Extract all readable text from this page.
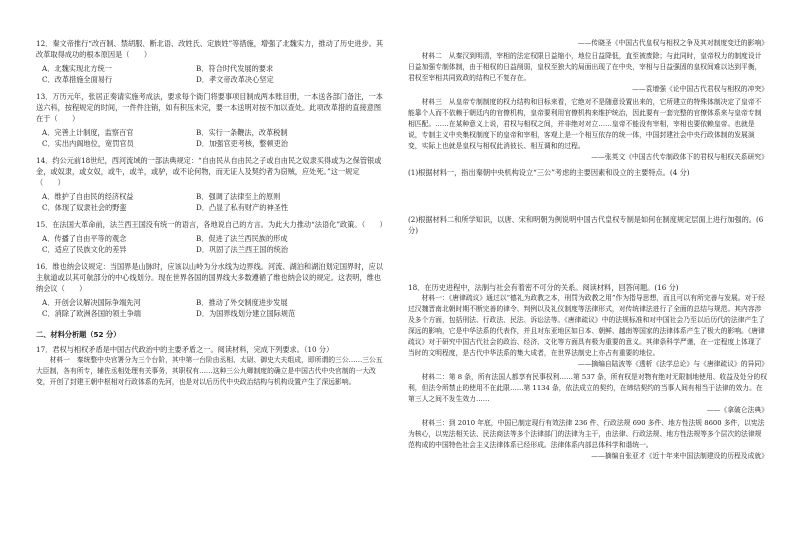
12．秦文帝推行“改百制、禁胡服、断北语、改姓氏、定族姓”等措施，增强了北魏实力，推动了历史进步。其改革取得成功的根本原因是（　　）

A．北魏实现北方统一	B．符合时代发展的要求
C．改革措施全面易行	D．孝文帝改革决心坚定

13．万历元年，张居正奏请实施考成法，要求每个衙门将要事项目制成两本账目册，一本送各部门备注，一本送六科，按程规定的时间，一件件注销，如有积压未完，要一本送明对按不加以查处。此项改革措的直接意图在于（　　）

A．完善上计制度，监察百官	B．实行一条鞭法，改革税制
C．实出内阁地位，宽罚官员	D．加强官吏考核，整顿吏治

14．约公元前18世纪，西河流域的一部法典规定：“自由民从自由民之子或自由民之奴隶买得或为之保管银或金，或奴隶，或女奴，或牛，或羊，或驴，或不论何物，而无证人及契约者为窃贼，应处死。”这一规定（　　）

A．维护了自由民的经济权益	B．强调了法律至上的原则
C．体现了奴隶社会的野蛮	D．凸显了私有财产的神圣性

15．在法国大革命前，法兰西王国没有统一的语言，各地说自己的方言。为此大力推动“法语化”政策。（　　）

A．传播了自由平等的观念	B．促进了法兰西民族的形成
C．适应了民族文化的差异	D．巩固了法兰西王国的统治

16．维也纳会议规定：当国界是山脉时，应该以山岭为分水线为边界线。河流、湖泊和湖泊划定国界时，应以主航道或以其可航部分的中心线划分。现在世界各国的国界线大多数遵循了维也纳会议的规定。这表明，维也纳会议（　　）

A．开创会议解决国际争端先河	B．推动了外交制度进步发展
C．消除了欧洲各国的领土争端	D．为国界线划分建立国际规范
二、材料分析题（52 分）

17．君权与相权矛盾是中国古代政治中的主要矛盾之一。阅读材料，完成下列要求。（10 分）

材料一　秦统整中央官署分为三个台阶，其中第一台阶由丞相、太尉、御史大夫组成，即所谓的三公……三公五大臣制，各有所专，辅佐丞相处理有关事务，其职权有……这种三公九卿制度的确立是中国古代中央官制的一大改变，开创了封建王朝中枢相对行政体系的先河，也是对以后历代中央政治结构与机构设置产生了深远影响。

——传晓圣《中国古代皇权与相权之争及其对制度变迁的影响》

材料二　从秦汉到明清，宰相的法定权限日益缩小，地位日益降低，直至被废除；与此同时，皇帝权力的制度设计日益加强专制体制，由于相权的日益削弱，皇权至独大的局面出现了在中央，宰相与日益强固的皇权间难以达到平衡，君权至宰相共同致政的结构已不复存在。

——袁增强《论中国古代君权与相权的冲突》

材料三　从皇帝专制制度的权力结构和目标来看，它绝对不是随意设置出来的，它所建立的特殊体制决定了皇帝不能靠个人而不依赖于朝廷内的官僚机构，皇帝要利用官僚机构来维护统治，因此要有一套完整的官僚体系来与皇帝专制相匹配。……在某种意义上说，君权与相权之间，并非绝对对立……皇帝不能没有宰相，宰相也要依赖皇帝。也就是说，专制主义中央集权制度下的皇帝和宰相，客观上是一个相互依存的统一体，中国封建社会中央行政体制的发展演变，实际上也就是皇权与相权此消彼长、相互调和的过程。

——张英文《中国古代专制政体下的君权与相权关系研究》

(1)根据材料一，指出秦朝中央机构设立“三公”考虑的主要因素和设立的主要特点。(4 分)

(2)根据材料二和所学知识，以唐、宋和明朝为例说明中国古代皇权专制是如何在制度规定层面上进行加强的。(6 分)

18．在历史进程中，法制与社会有着密不可分的关系。阅读材料，回答问题。(16 分)

材料一：《唐律疏议》通过以“德礼为政教之本，刑罚为政教之用”作为指导思想，而且可以有所完善与发展。对于经过汉魏晋南北朝时期不断完善的律令、判例以及礼仪制度等法律形式，对传统律法进行了全面的总结与规范。其内容涉及多个方面，包括刑法、行政法、民法、诉讼法等。《唐律疏议》中的法规标准和对中国社会乃至以后历代的法律产生了深远的影响，它是中华法系的代表作，并且对东亚地区如日本、朝鲜、越南等国家的法律体系产生了极大的影响。《唐律疏议》对于研究中国古代社会的政治、经济、文化等方面具有极为重要的意义。其律条科学严谨，在一定程度上体现了当时的文明程度，是古代中华法系的集大成者，在世界法制史上亦占有重要的地位。

——摘编自陆波等《透析《法学总论》与《唐律疏议》的异同》

材料二：第 8 条，所有法国人都享有民事权利……第 537 条，所有权是对物有绝对无限制地使用、收益及处分的权利，但法令所禁止的使用不在此限……第 1134 条，依法成立的契约，在缔结契约的当事人间有相当于法律的效力。在第三人之间不发生效力……

——《拿破仑法典》

材料三：到 2010 年底，中国已制定现行有效法律 236 件、行政法规 690 多件、地方性法规 8600 多件，以宪法为核心，以宪法相关法、民法商法等多个法律部门的法律为主干，由法律、行政法规、地方性法规等多个层次的法律规范构成的中国特色社会主义法律体系已经形成。法律体系内部总体科学和谐统一。

——摘编自张亚才《近十年来中国法制建设的历程及成就》
